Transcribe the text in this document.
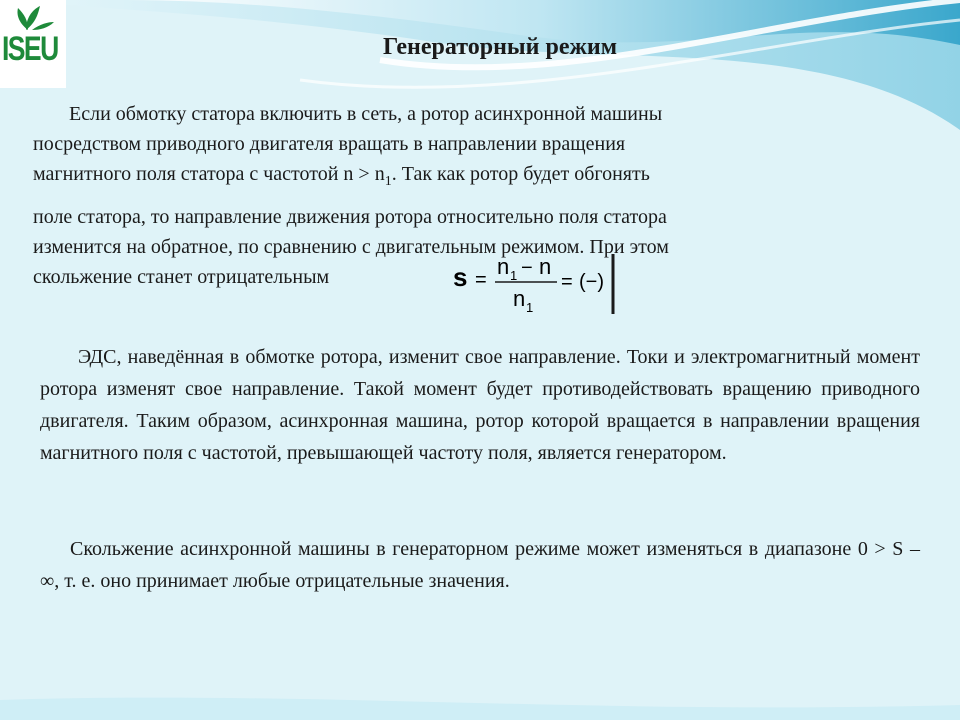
ISEU	Генераторный режим
Если обмотку статора включить в сеть, а ротор асинхронной машины
посредством приводного двигателя вращать в направлении вращения
магнитного поля статора с частотой $n > n_1$. Так как ротор будет обгонять
поле статора, то направление движения ротора относительно поля статора
изменится на обратное, по сравнению с двигательным режимом. При этом
скольжение станет отрицательным	s =
n 1 − n
n 1
= (−)

ЭДС, наведённая в обмотке ротора, изменит свое направление. Токи и электромагнитный момент ротора изменят свое направление. Такой момент будет противодействовать вращению приводного двигателя. Таким образом, асинхронная машина, ротор которой вращается в направлении вращения магнитного поля с частотой, превышающей частоту поля, является генератором.

Скольжение асинхронной машины в генераторном режиме может изменяться в диапазоне 0 > S – ∞, т. е. оно принимает любые отрицательные значения.
